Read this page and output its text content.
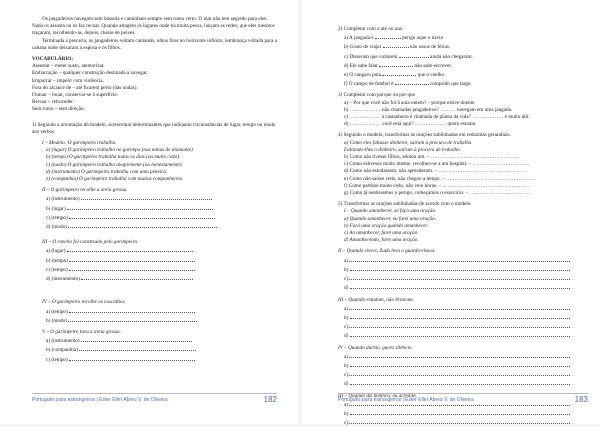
Os jangadeiros navegam sem bússola e caminham sempre sem rumo certo. O mar não tem segredo para eles. Nada os assusta ou os faz recuar. Quando atingem os lugares onde há muita pesca, lançam as redes, que eles mesmos traçaram, recolhendo-as, depois, cheias de peixes.

Terminada a pescaria, os jangadeiros voltam cantando, olhos fitos no horizonte infinito, lembrança voltada para a cabana onde deixaram a esposa e os filhos.

VOCABULÁRIO:

Assustar – meter susto, atemorizar.
Embarcação – qualquer construção destinada a navegar.
Empurrar – impelir com violência.
Fora do alcance de – até ficarem perto (das ondas).
Flutuar – boiar, conservar-se à superfície.
Recuar – retroceder.
Sem rumo – sem direção.

1) Segundo a orientação do modelo, acrescentar determinantes que indiquem circunstâncias de lugar, tempo ou modo aos verbos

I – Modelo: O garimpeiro trabalha.

a) (lugar) O garimpeiro trabalha no garimpo (nas minas de diamante).
b) (tempo) O garimpeiro trabalha todos os dias (ou muito cedo).
c) (modo) O garimpeiro trabalha alegremente (ou honestamente).
d) (instrumento) O garimpeiro trabalha com uma peneira.
e) (companhia) O garimpeiro trabalha com muitos companheiros.

II – O garimpeiro recolhe a areia grossa.

a) (instrumento)
b) (lugar)
c) (tempo)
d) (modo)

III – O rancho foi construído pelo garimpeiro.

a) (lugar)
b) (tempo)
c) (tempo)
d) (instrumento)

IV – O garimpeiro recolhe os cascalhos.

a) (tempo)
b) (modo)

V – O garimpeiro lava a areia grossa.

a) (instrumento)
b) (companhia)
c) (tempo)
Português para estrangeiros | Ester Eller Abreu V. de Oliveira	182

2) Completar com o até ou nas:

a) A jangada é	perigo aque o navio
b) Gosto de viajar	não ossos de férias.
c) Disseram que voltarem	ainda não chegaram.
d) Ele sabe falar	não sabe escrever.
e) O cangaru pula	que o coelho.
f) O campo de futebol é	comprido que largo.

3) Completar com porque ou por que

a) – Por que você não foi à aula ontem? – porque estive doente.
b) ……………… não chamadas jangadeiros? ……… navegam em uma jangada.
c) ……………… a castanheira é chamada de planta da vida? ……………… é muito útil.
d) ……………… você está aqui? ……………… quero estudar.

4) Segundo o modelo, transformar as orações sublinhadas em reduzidas gerundiais.

a) Como eles faltasse dinheiro, saíram à procura de trabalho.
Faltando-lhes o dinheiro, saíram à procura de trabalho.
b) Como não tivesse filhos, adotou um. – ……………………………………………
c) Como estivesse muito doente, recolheu-se a um hospital. – ……………………………
d) Como não estudassem, não aprenderam. – ……………………………………………
e) Como não saísse cedo, não chegou a tempo. – ……………………………………………
f) Como partisse muito cedo, não veio horas. – ……………………………………………
g) Como já sentissemos o perigo, começamos o exercício. – ………………………………

5) Transformar as orações sublinhadas de acordo com o modelo.

I – Quando amanhecer, só faço uma oração.
a) Quando amanhecer, eu farei uma oração.
b) Fará uma oração quando amanhecer.
c) Ao amanhecer, farei uma oração.
d) Amanhecendo, farei uma oração.

II – Quando chove, Zuda leva o guarda-chuva.

a)
b)
c)
d)

III – Quando estudam, não brincam.

a)
b)
c)
d)

IV – Quando durmo, quero silêncio.

a)
b)
c)
d)

III – Quando diz mentira, eu acredito.

a)
b)
c)
Português para estrangeiros | Ester Eller Abreu V. de Oliveira	183
